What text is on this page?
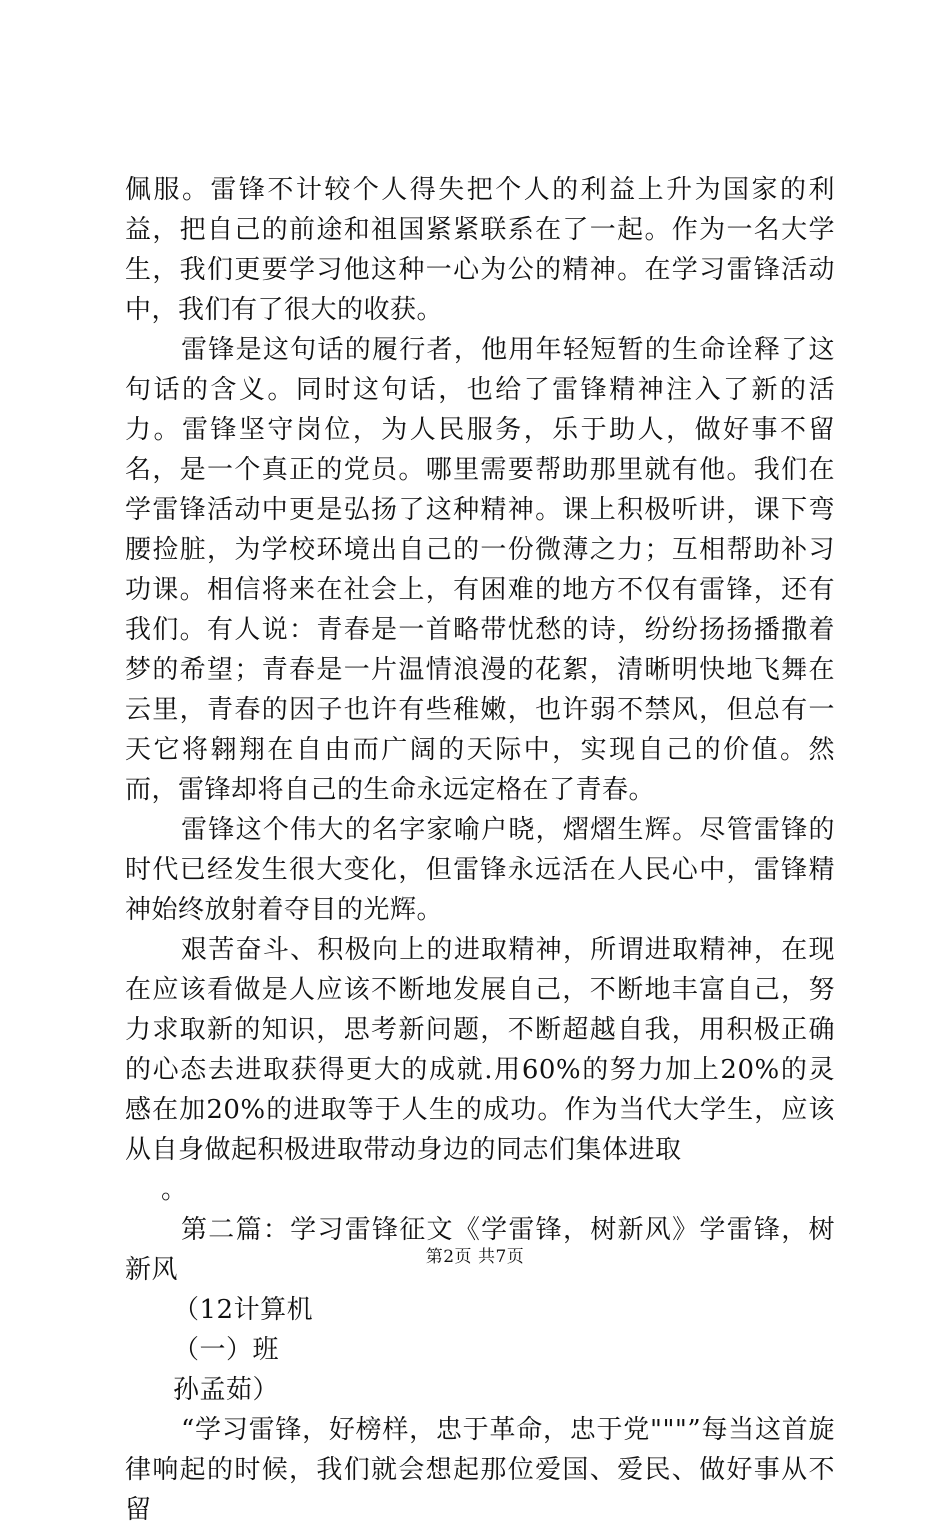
佩服。雷锋不计较个人得失把个人的利益上升为国家的利益，把自己的前途和祖国紧紧联系在了一起。作为一名大学生，我们更要学习他这种一心为公的精神。在学习雷锋活动中，我们有了很大的收获。

雷锋是这句话的履行者，他用年轻短暂的生命诠释了这句话的含义。同时这句话，也给了雷锋精神注入了新的活力。雷锋坚守岗位，为人民服务，乐于助人，做好事不留名，是一个真正的党员。哪里需要帮助那里就有他。我们在学雷锋活动中更是弘扬了这种精神。课上积极听讲，课下弯腰捡脏，为学校环境出自己的一份微薄之力；互相帮助补习功课。相信将来在社会上，有困难的地方不仅有雷锋，还有我们。有人说：青春是一首略带忧愁的诗，纷纷扬扬播撒着梦的希望；青春是一片温情浪漫的花絮，清晰明快地飞舞在云里，青春的因子也许有些稚嫩，也许弱不禁风，但总有一天它将翱翔在自由而广阔的天际中，实现自己的价值。然而，雷锋却将自己的生命永远定格在了青春。

雷锋这个伟大的名字家喻户晓，熠熠生辉。尽管雷锋的时代已经发生很大变化，但雷锋永远活在人民心中，雷锋精神始终放射着夺目的光辉。

艰苦奋斗、积极向上的进取精神，所谓进取精神，在现在应该看做是人应该不断地发展自己，不断地丰富自己，努力求取新的知识，思考新问题，不断超越自我，用积极正确的心态去进取获得更大的成就.用60%的努力加上20%的灵感在加20%的进取等于人生的成功。作为当代大学生，应该从自身做起积极进取带动身边的同志们集体进取

。

第二篇：学习雷锋征文《学雷锋，树新风》学雷锋，树新风

（12计算机

（一）班

孙孟茹）

“学习雷锋，好榜样，忠于革命，忠于党"""”每当这首旋律响起的时候，我们就会想起那位爱国、爱民、做好事从不留

第2页 共7页
